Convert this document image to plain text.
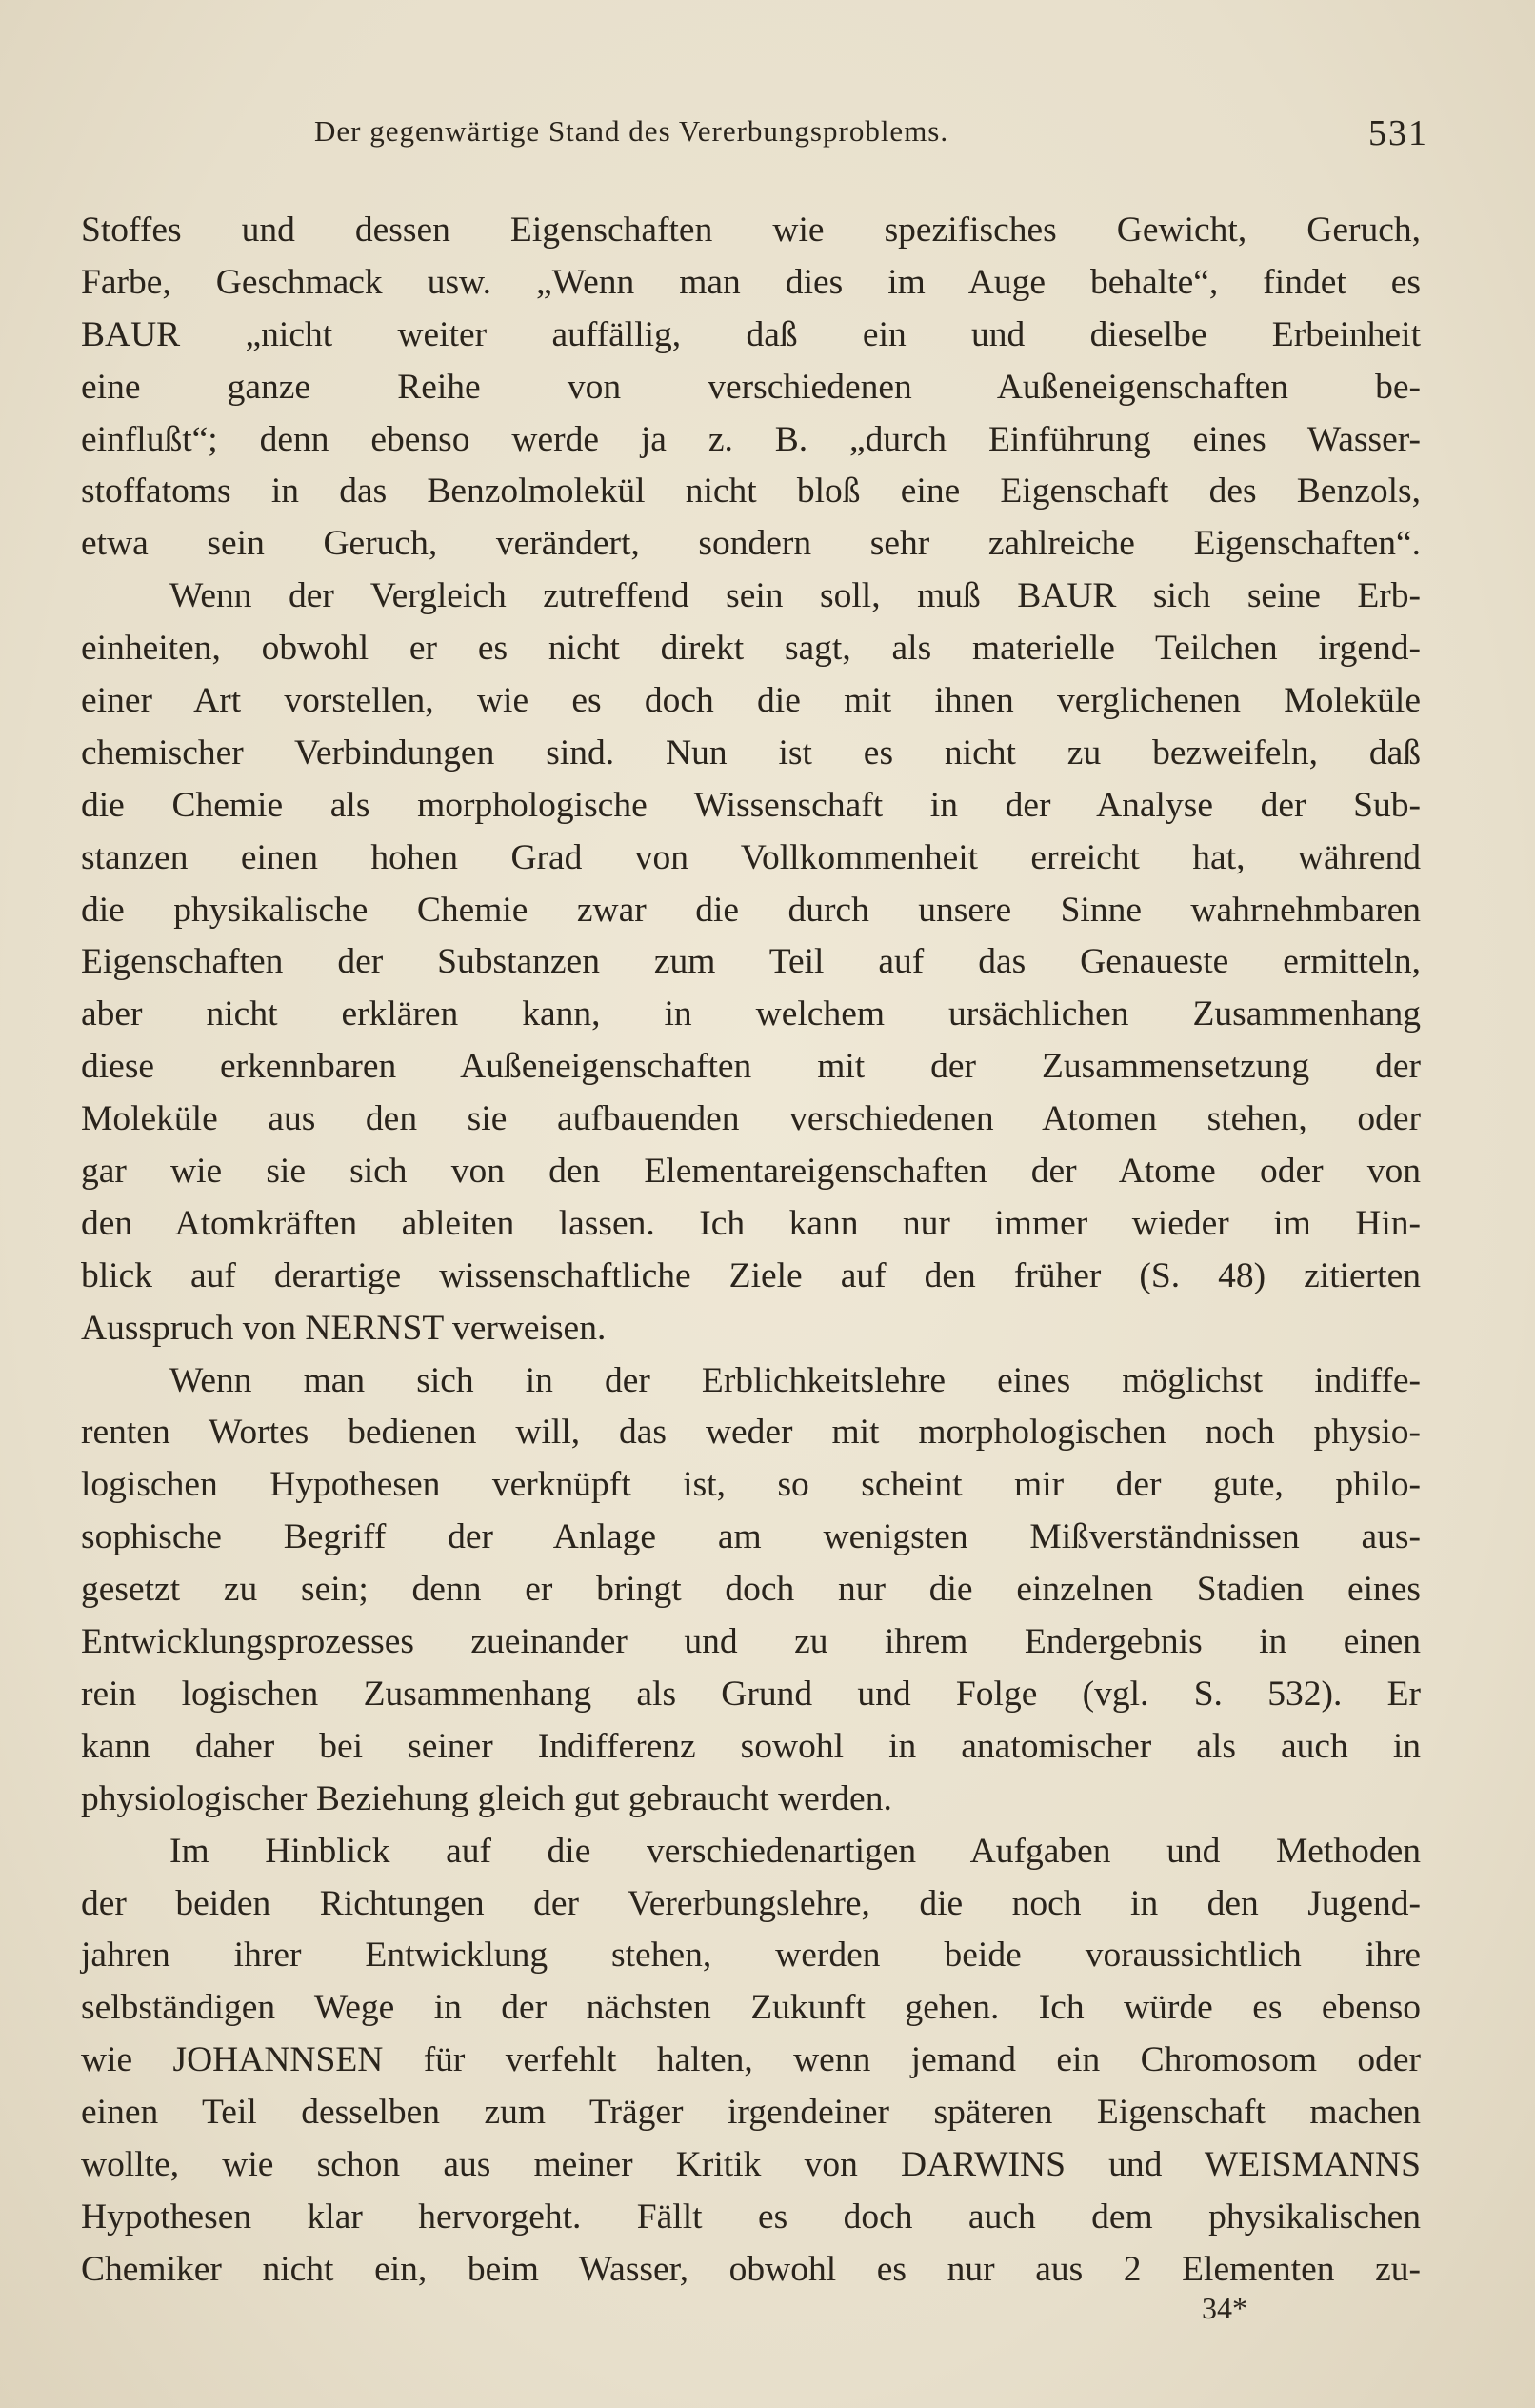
Der gegenwärtige Stand des Vererbungsproblems.	531
Stoffes und dessen Eigenschaften wie spezifisches Gewicht, Geruch,
Farbe, Geschmack usw. „Wenn man dies im Auge behalte“, findet es
BAUR „nicht weiter auffällig, daß ein und dieselbe Erbeinheit
eine ganze Reihe von verschiedenen Außeneigenschaften be-
einflußt“; denn ebenso werde ja z. B. „durch Einführung eines Wasser-
stoffatoms in das Benzolmolekül nicht bloß eine Eigenschaft des Benzols,
etwa sein Geruch, verändert, sondern sehr zahlreiche Eigenschaften“.
Wenn der Vergleich zutreffend sein soll, muß BAUR sich seine Erb-
einheiten, obwohl er es nicht direkt sagt, als materielle Teilchen irgend-
einer Art vorstellen, wie es doch die mit ihnen verglichenen Moleküle
chemischer Verbindungen sind. Nun ist es nicht zu bezweifeln, daß
die Chemie als morphologische Wissenschaft in der Analyse der Sub-
stanzen einen hohen Grad von Vollkommenheit erreicht hat, während
die physikalische Chemie zwar die durch unsere Sinne wahrnehmbaren
Eigenschaften der Substanzen zum Teil auf das Genaueste ermitteln,
aber nicht erklären kann, in welchem ursächlichen Zusammenhang
diese erkennbaren Außeneigenschaften mit der Zusammensetzung der
Moleküle aus den sie aufbauenden verschiedenen Atomen stehen, oder
gar wie sie sich von den Elementareigenschaften der Atome oder von
den Atomkräften ableiten lassen. Ich kann nur immer wieder im Hin-
blick auf derartige wissenschaftliche Ziele auf den früher (S. 48) zitierten
Ausspruch von NERNST verweisen.
Wenn man sich in der Erblichkeitslehre eines möglichst indiffe-
renten Wortes bedienen will, das weder mit morphologischen noch physio-
logischen Hypothesen verknüpft ist, so scheint mir der gute, philo-
sophische Begriff der Anlage am wenigsten Mißverständnissen aus-
gesetzt zu sein; denn er bringt doch nur die einzelnen Stadien eines
Entwicklungsprozesses zueinander und zu ihrem Endergebnis in einen
rein logischen Zusammenhang als Grund und Folge (vgl. S. 532). Er
kann daher bei seiner Indifferenz sowohl in anatomischer als auch in
physiologischer Beziehung gleich gut gebraucht werden.
Im Hinblick auf die verschiedenartigen Aufgaben und Methoden
der beiden Richtungen der Vererbungslehre, die noch in den Jugend-
jahren ihrer Entwicklung stehen, werden beide voraussichtlich ihre
selbständigen Wege in der nächsten Zukunft gehen. Ich würde es ebenso
wie JOHANNSEN für verfehlt halten, wenn jemand ein Chromosom oder
einen Teil desselben zum Träger irgendeiner späteren Eigenschaft machen
wollte, wie schon aus meiner Kritik von DARWINS und WEISMANNS
Hypothesen klar hervorgeht. Fällt es doch auch dem physikalischen
Chemiker nicht ein, beim Wasser, obwohl es nur aus 2 Elementen zu-
34*
